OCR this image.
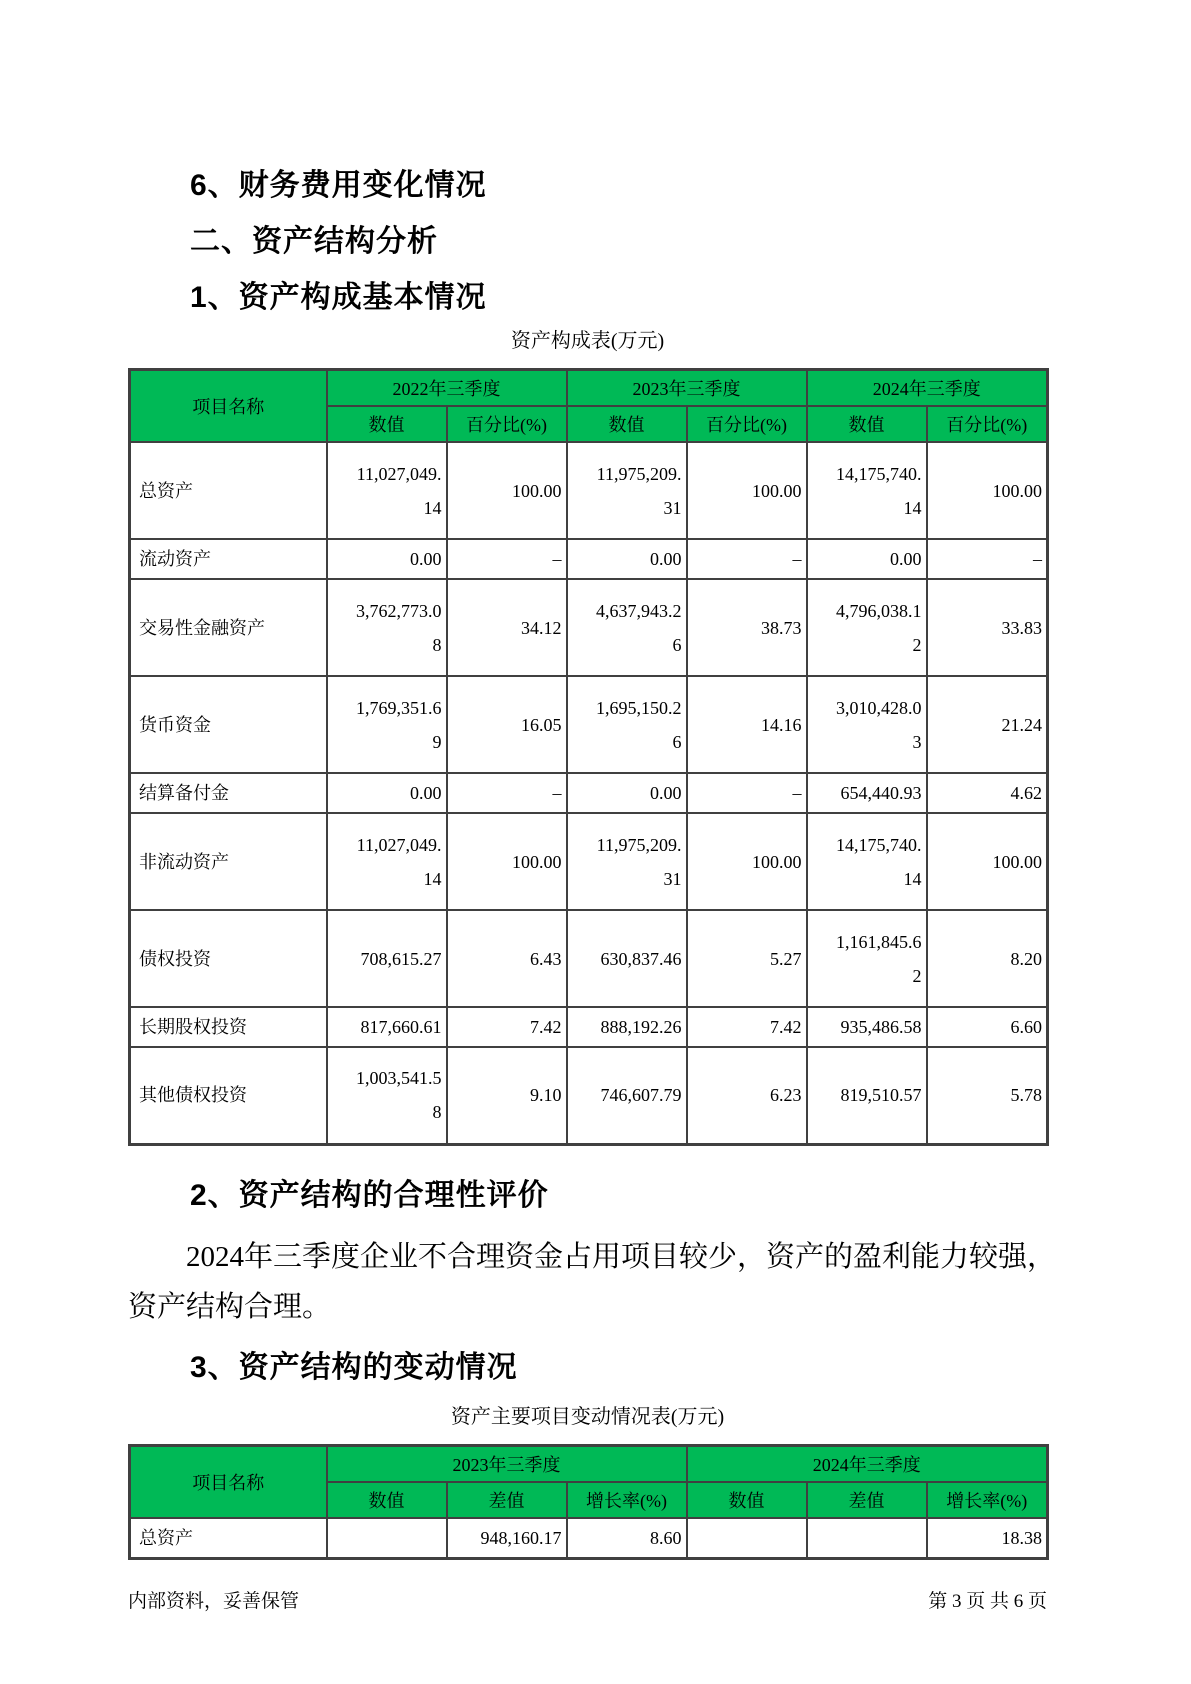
6、财务费用变化情况
二、资产结构分析
1、资产构成基本情况
资产构成表(万元)
项目名称	2022年三季度		2023年三季度		2024年三季度	
	数值	百分比(%)	数值	百分比(%)	数值	百分比(%)
总资产	11,027,049.14	100.00	11,975,209.31	100.00	14,175,740.14	100.00
流动资产	0.00	–	0.00	–	0.00	–
交易性金融资产	3,762,773.08	34.12	4,637,943.26	38.73	4,796,038.12	33.83
货币资金	1,769,351.69	16.05	1,695,150.26	14.16	3,010,428.03	21.24
结算备付金	0.00	–	0.00	–	654,440.93	4.62
非流动资产	11,027,049.14	100.00	11,975,209.31	100.00	14,175,740.14	100.00
债权投资	708,615.27	6.43	630,837.46	5.27	1,161,845.62	8.20
长期股权投资	817,660.61	7.42	888,192.26	7.42	935,486.58	6.60
其他债权投资	1,003,541.58	9.10	746,607.79	6.23	819,510.57	5.78
2、资产结构的合理性评价

2024年三季度企业不合理资金占用项目较少，资产的盈利能力较强，资产结构合理。

3、资产结构的变动情况
资产主要项目变动情况表(万元)
项目名称	2023年三季度			2024年三季度		
	数值	差值	增长率(%)	数值	差值	增长率(%)
总资产		948,160.17	8.60			18.38
内部资料，妥善保管	第 3 页 共 6 页
